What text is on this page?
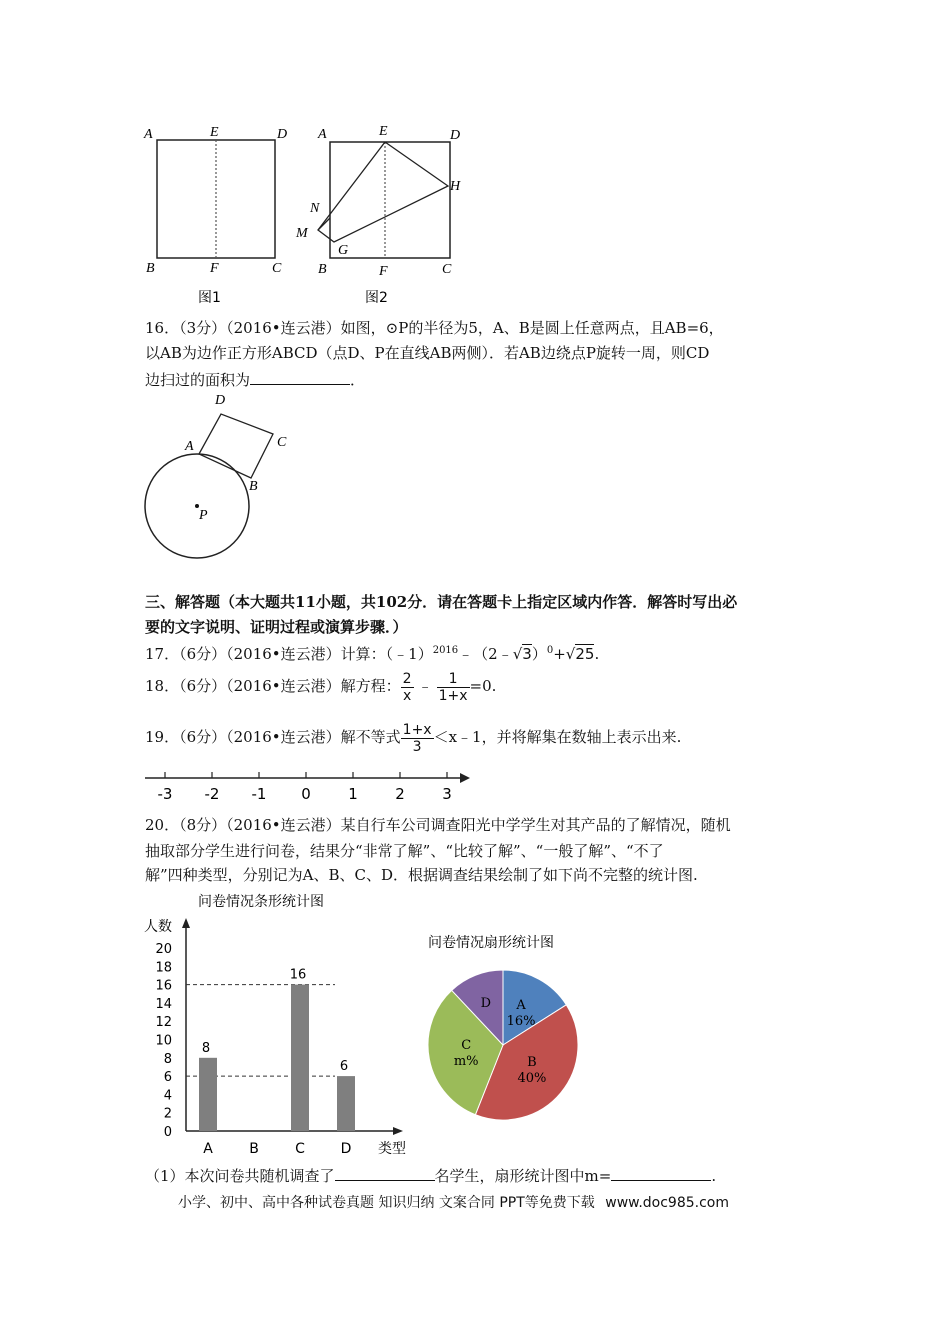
A	E	D
B	F	C
图1
A	E	D
H
N
M
G
B	F	C
图2
16．（3分）（2016•连云港）如图，⊙P的半径为5，A、B是圆上任意两点，且AB=6，
以AB为边作正方形ABCD（点D、P在直线AB两侧）．若AB边绕点P旋转一周，则CD
边扫过的面积为	．
D
A	C
B
P
三、解答题（本大题共11小题，共102分．请在答题卡上指定区域内作答．解答时写出必
要的文字说明、证明过程或演算步骤．）
17．（6分）（2016•连云港）计算：（﹣1）$^{2016}$﹣（2﹣√3）$^0$+√25.
18．（6分）（2016•连云港）解方程： $\frac{2}{x}$ ﹣ $\frac{1}{1+x} =0$.
19．（6分）（2016•连云港）解不等式 $\frac{1+x}{3}$ ＜x﹣1，并将解集在数轴上表示出来.
-3 -2 -1 0 1 2 3
20．（8分）（2016•连云港）某自行车公司调查阳光中学学生对其产品的了解情况，随机
抽取部分学生进行问卷，结果分“非常了解”、“比较了解”、“一般了解”、“不了
解”四种类型，分别记为A、B、C、D．根据调查结果绘制了如下尚不完整的统计图.
问卷情况条形统计图
人数
0
2
4
6
8
10
12
14
16
18
20
8
A	B
16
C
6
D 类型
问卷情况扇形统计图
A
16%
B
40%
C
m%
D
（1）本次问卷共随机调查了	名学生，扇形统计图中m=	.
小学、初中、高中各种试卷真题 知识归纳 文案合同 PPT等免费下载 www.doc985.com
